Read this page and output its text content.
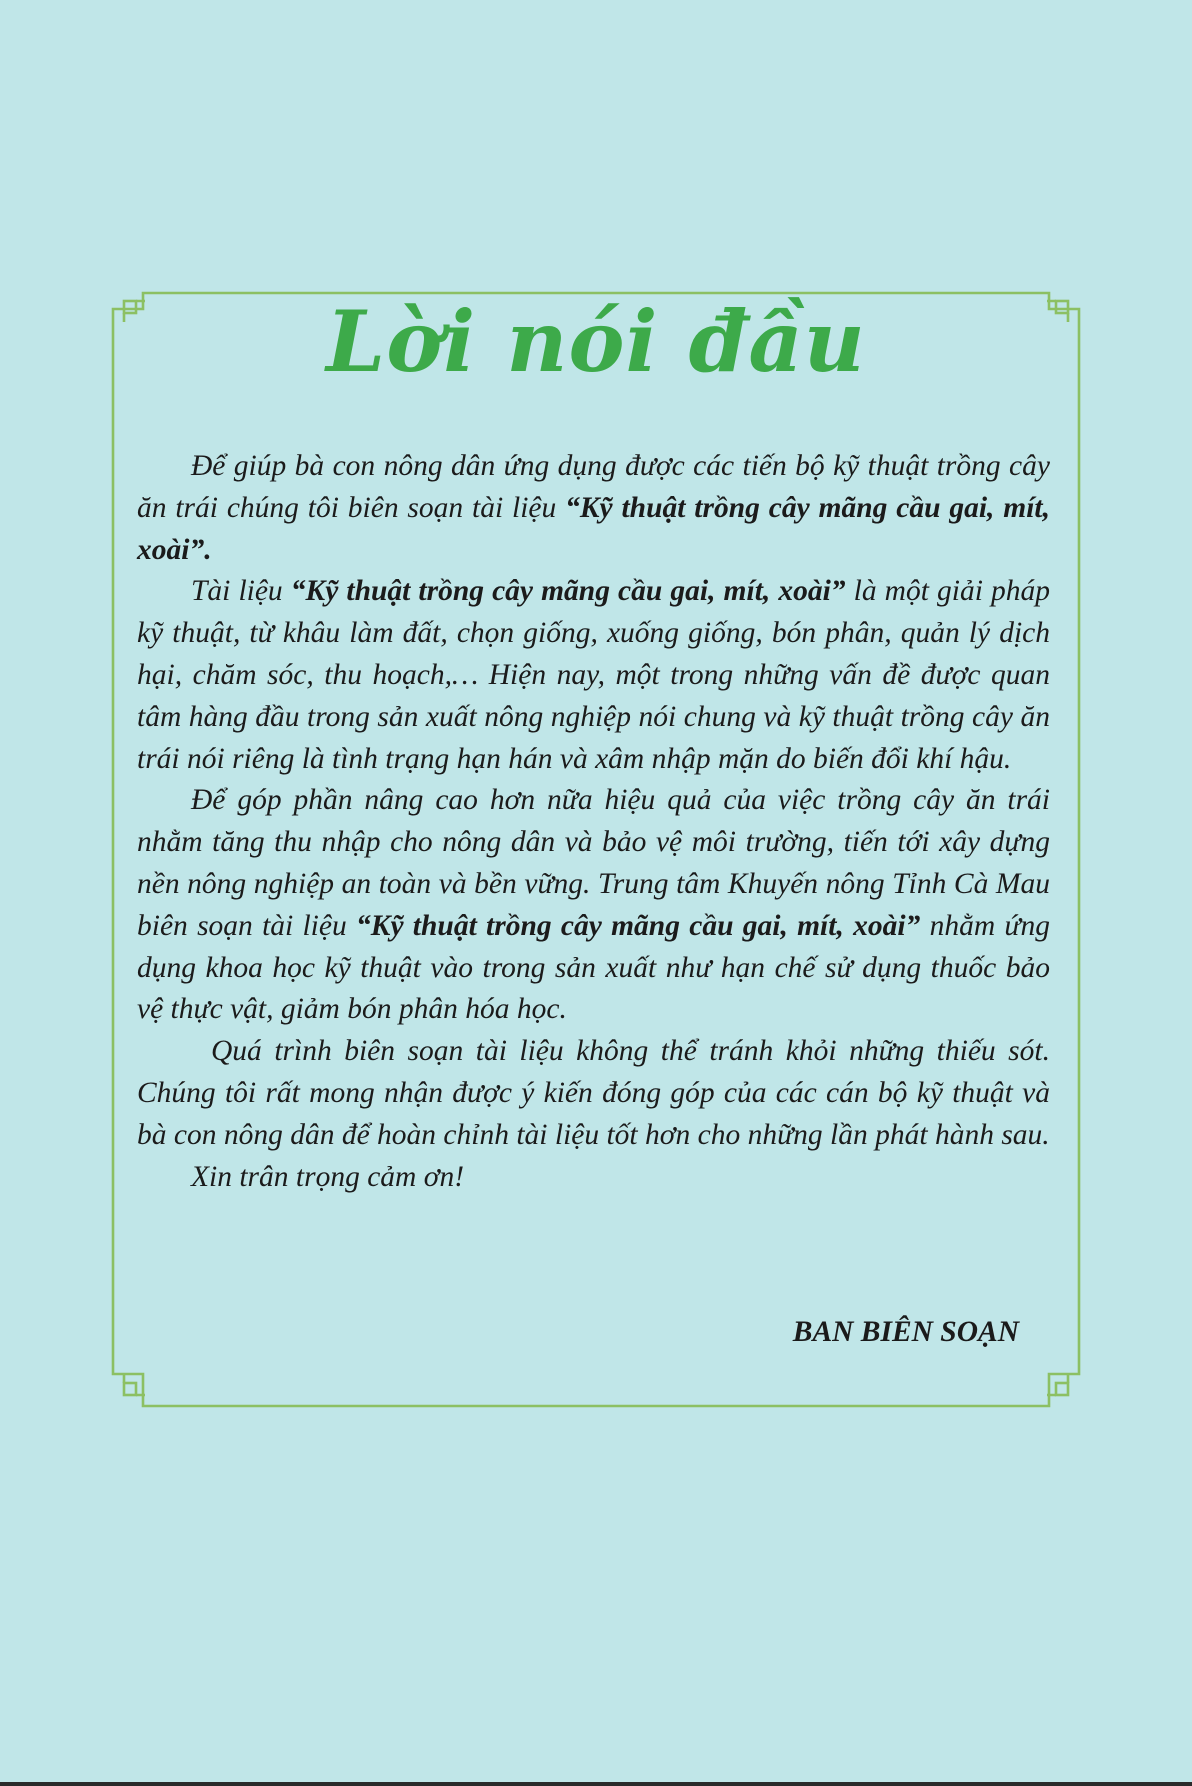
Lời nói đầu

Để giúp bà con nông dân ứng dụng được các tiến bộ kỹ thuật trồng cây ăn trái chúng tôi biên soạn tài liệu “Kỹ thuật trồng cây mãng cầu gai, mít, xoài”.

Tài liệu “Kỹ thuật trồng cây mãng cầu gai, mít, xoài” là một giải pháp kỹ thuật, từ khâu làm đất, chọn giống, xuống giống, bón phân, quản lý dịch hại, chăm sóc, thu hoạch,… Hiện nay, một trong những vấn đề được quan tâm hàng đầu trong sản xuất nông nghiệp nói chung và kỹ thuật trồng cây ăn trái nói riêng là tình trạng hạn hán và xâm nhập mặn do biến đổi khí hậu.

Để góp phần nâng cao hơn nữa hiệu quả của việc trồng cây ăn trái nhằm tăng thu nhập cho nông dân và bảo vệ môi trường, tiến tới xây dựng nền nông nghiệp an toàn và bền vững. Trung tâm Khuyến nông Tỉnh Cà Mau biên soạn tài liệu “Kỹ thuật trồng cây mãng cầu gai, mít, xoài” nhằm ứng dụng khoa học kỹ thuật vào trong sản xuất như hạn chế sử dụng thuốc bảo vệ thực vật, giảm bón phân hóa học.

Quá trình biên soạn tài liệu không thể tránh khỏi những thiếu sót. Chúng tôi rất mong nhận được ý kiến đóng góp của các cán bộ kỹ thuật và bà con nông dân để hoàn chỉnh tài liệu tốt hơn cho những lần phát hành sau.

Xin trân trọng cảm ơn!

BAN BIÊN SOẠN
